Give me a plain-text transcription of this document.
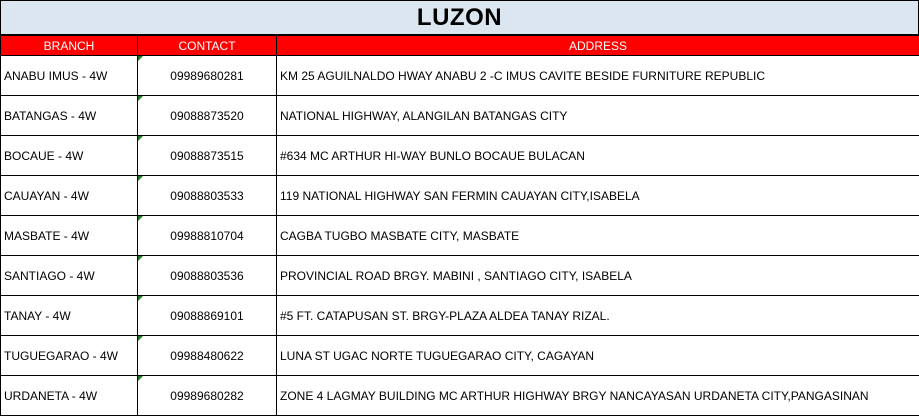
LUZON
BRANCH	CONTACT	ADDRESS
ANABU IMUS - 4W	09989680281	KM 25 AGUILNALDO HWAY ANABU 2 -C IMUS CAVITE BESIDE FURNITURE REPUBLIC
BATANGAS - 4W	09088873520	NATIONAL HIGHWAY, ALANGILAN BATANGAS CITY
BOCAUE - 4W	09088873515	#634 MC ARTHUR HI-WAY BUNLO BOCAUE BULACAN
CAUAYAN - 4W	09088803533	119 NATIONAL HIGHWAY SAN FERMIN CAUAYAN CITY,ISABELA
MASBATE - 4W	09988810704	CAGBA TUGBO MASBATE CITY, MASBATE
SANTIAGO - 4W	09088803536	PROVINCIAL ROAD BRGY. MABINI , SANTIAGO CITY, ISABELA
TANAY - 4W	09088869101	#5 FT. CATAPUSAN ST. BRGY-PLAZA ALDEA TANAY RIZAL.
TUGUEGARAO - 4W	09988480622	LUNA ST UGAC NORTE TUGUEGARAO CITY, CAGAYAN
URDANETA - 4W	09989680282	ZONE 4 LAGMAY BUILDING MC ARTHUR HIGHWAY BRGY NANCAYASAN URDANETA CITY,PANGASINAN
